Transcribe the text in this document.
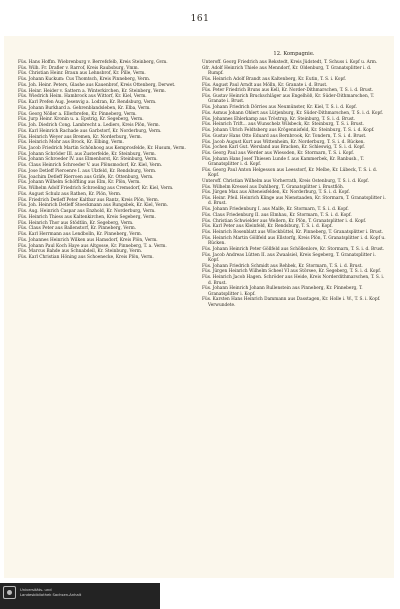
161
12. Kompagnie.
Füs. Hans Hoffm. Wiebrenburg v. Berrefsfelb, Kreis Steinberg, Gvm.
Füs. Wilh. Fr. Drafler v. Rarrof, Kreis Raubsburg, Vmm.
Füs. Christian Heinr. Braun aus Lehnsbrof, Kr. Pille, Verm.
Füs. Johann Kuckum: Cus Thomtsch, Kreis Pinneberg, Verm.
Füs. Joh. Heinr. Peters, Glashe aus Kauenbrof, Kreis Ottenberg, Derwet.
Füs. Heinr. Heider v. Sattern a. Winterkirchen, Kr. Steinberg, Verm.
Füs. Wiedrich Heim. Hambrock aus Wittorf, Kr. Kiel, Verm.
Füs. Karl Prefen Aug. Jesenvig a. Lodran, Kr. Rendsburg, Verm.
Füs. Johann Burkhard a. Gehrenblandsleben, Kr. Elba, Verm.
Füs. Georg Nöller a. Ellerbrefen, Kr. Pinneberg, Verm.
Füs. Jurp Heinr. Kronin u. a. Epstrig, Kr. Segeberg, Verm.
Füs. Joh. Diedrich Cong. Lambrecht a. Lediers, Kreis Plön, Verm.
Füs. Karl Heinrich Rachade aus Garbstorf, Kr. Norderburg, Verm.
Füs. Heinrich Weyer aus Bremen, Kr. Norderburg, Verm.
Füs. Heinrich Mohr aus Brock, Kr. Elbing, Verm.
Füs. Jacob Friedrich Martin Schönhoog aus Kemprosfelde, Kr. Husum, Verm.
Füs. Johann Schröder III. aus Zusterfelde, Kr. Steinburg, Verm.
Füs. Johann Schroeder IV. aus Elmenhorst, Kr. Steinburg, Verm.
Füs. Claus Heinrich Schroeder V. aus Plönsmodorf, Kr. Kiel, Verm.
Füs. Jose Detleff Pieroenre I. aus Ulzfeld, Kr. Rendsburg, Verm.
Füs. Joachim Detleff Rierroen aus Gräfe, Kr. Ottenburg, Verm.
Füs. Johann Wilhelm Schöffling aus Elm, Kr. Plön, Verm.
Füs. Wilhelm Adolf Friedrich Schroeling aus Cremsdorf, Kr. Kiel, Verm.
Füs. August Schulz aus Rathen, Kr. Plön, Verm.
Füs. Friedrich Detleff Peter Kaltbar aus Rantz, Kreis Plön, Verm.
Füs. Joh. Heinrich Detleff Stoeckmann aus Rungsbek, Kr. Kiel, Verm.
Füs. Aug. Heinrich Caspar aus Enzhold, Kr. Norderburg, Verm.
Füs. Heinrich Thiess aus Kaltenkirchen, Kreis Segeberg, Verm.
Füs. Heinrich Thor aus Stödtlin, Kr. Segeberg, Verm.
Füs. Claus Peter aus Ballenstorf, Kr. Pinneberg, Verm.
Füs. Karl Herrmann aus Lendbolln, Kr. Pinneberg, Verm.
Füs. Johannes Heinrich Wilken aus Hamsdorf, Kreis Plön, Verm.
Füs. Johann Paul Koch Haye aus Altgosse, Kr. Pinneberg, T. a. Verm.
Füs. Marcus Bahde aus Schnabdeil, Kr. Steinburg, Verm.
Füs. Karl Christian Höning aus Schoenecke, Kreis Plön, Verm.
Unteroff. Georg Friedrich aus Rekstedt, Kreis Jüdstedt, T. Schuss i. Kopf u. Arm.
Gfr. Adolf Heinrich Thiele aus Menndorf, Kr. Oldenburg, T. Granatsplitter i. d. Rumpf.
Füs. Heinrich Adolf Brandt aus Kaltenberg, Kr. Eutin, T. S. i. Kopf.
Füs. August Paul Arndt aus Mölln, Kr. Granate i. d. Brust.
Füs. Peter Friedrich Bruns aus Kell, Kr. Norder-Dithmarschen, T. S. i. d. Brust.
Füs. Gustav Heinrich Bruckschläger aus Engelhöß, Kr. Süder-Dithmarschen, T. Granate i. Brust.
Füs. Johann Friedrich Dörries aus Neumünster, Kr. Kiel, T. S. i. d. Kopf.
Füs. Asmus Johann Ohlert aus Lütjenburg, Kr. Süder-Dithmarschen, T. S. i. d. Kopf.
Füs. Johannes Ehlerkamp aus Tröstrup, Kr. Steinburg, T. S. i. d. Brust.
Füs. Heinrich Trift... aus Wunschelz Wilsbeck, Kr. Steinburg, T. S. i. Brust.
Füs. Johann Ulrich Feldtsberg aus Krögennisfeld, Kr. Steinburg, T. S. i. d. Kopf.
Füs. Gustav Hans Otto Eduard aus Bernbrook, Kr. Tondern, T. S. i. d. Brust.
Füs. Jacob August Kurt aus Wittenheim, Kr. Norderburg, T. S. i. d. Rücken.
Füs. Jochen Karl Gut. Wersland aus Bracken, Kr. Schleswig, T. S. i. d. Kopf.
Füs. Georg Paul aus Werder aus Wiesoden, Kr. Stormarn, T. S. i. Kopf.
Füs. Johann Hans Josef Thiesen Lunde f. aus Kammerbek, Kr. Ranbusb., T. Granatsplitter i. d. Kopf.
Füs. Georg Paul Anton Helgesson aus Leesstorf, Kr. Melbe, Kr. Lübeck, T. S. i. d. Kopf.
Unteroff. Christian Wilhelm aus Vorherrath, Kreis Ostenburg, T. S. i. d. Kopf.
Füs. Wilhelm Kressel aus Dahlberg, T. Granatsplitter i. Brustflöh.
Füs. Jürgen Max aus Alteneisfelden, Kr. Norderburg, T. S. i. d. Kopf.
Füs. Heinr. Pfeil. Heinrich Klinge aus Nienstaaden, Kr. Stormarn, T. Granatsplitter i. d. Brust.
Füs. Johann Friedenburg I. aus Malfe, Kr. Stormarn, T. S. i. d. Kopf.
Füs. Claus Friedenburg II. aus Elmhau, Kr. Stormarn, T. S. i. d. Kopf.
Füs. Christian Schwielder aus Wellern, Kr. Plön, T. Granatsplitter i. d. Kopf.
Füs. Karl Peter aus Kleinfeld, Kr. Rendsburg, T. S. i. d. Kopf.
Füs. Heinrich Rosenblatt aus Wlockbüttel, Kr. Pinneberg, T. Granatsplitter i. Brust.
Füs. Heinrich Martin Göllfeld aus Ellstorfg, Kreis Plön, T. Granatsplitter i. d. Kopf u. Rücken.
Füs. Johann Heinrich Peter Göllfeld aus Schöllenlore, Kr. Stormarn, T. S. i. d. Brust.
Füs. Jacob Andreas Lütten II. aus Zwaalsiel, Kreis Segeberg, T. Granatsplitter i. Kopf.
Füs. Johann Friedrich Schmidt aus Rehbek, Kr. Stormarn, T. S. i. d. Brust.
Füs. Jürgen Heinrich Wilhelm Scheel VI aus Störsee, Kr. Segeberg, T. S. i. d. Kopf.
Füs. Heinrich Jacob Hagen. Schröder aus Heide, Kreis Norderdithmarschen, T. S. i. d. Brust.
Füs. Johann Heinrich Johann Rullenstein aus Pinneberg, Kr. Pinneberg, T. Granatsplitter i. Kopf.
Füs. Karsten Hans Heinrich Dammann aus Dasstagen, Kr. Holle i. W., T. S. i. Kopf. Verwundete.
Universitäts- und
Landesbibliothek Sachsen-Anhalt
